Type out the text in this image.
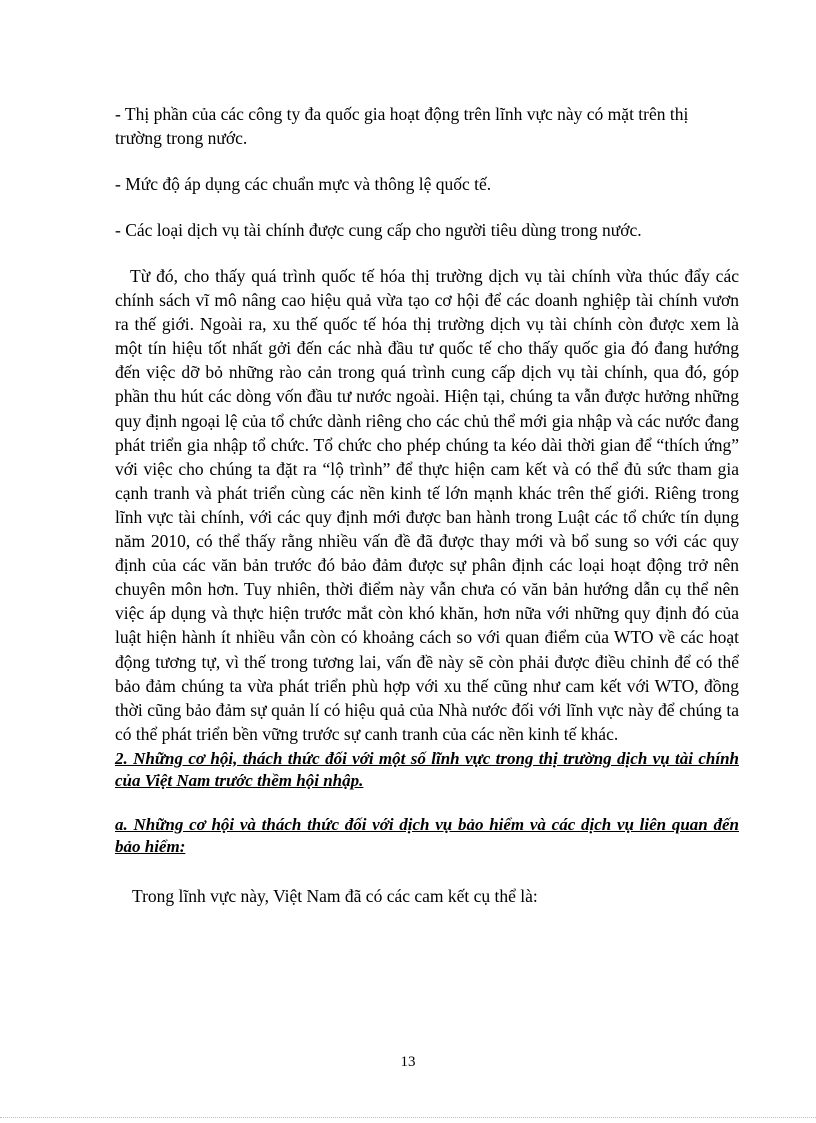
- Thị phần của các công ty đa quốc gia hoạt động trên lĩnh vực này có mặt trên thị trường trong nước.

- Mức độ áp dụng các chuẩn mực và thông lệ quốc tế.

- Các loại dịch vụ tài chính được cung cấp cho người tiêu dùng trong nước.

Từ đó, cho thấy quá trình quốc tế hóa thị trường dịch vụ tài chính vừa thúc đẩy các chính sách vĩ mô nâng cao hiệu quả vừa tạo cơ hội để các doanh nghiệp tài chính vươn ra thế giới. Ngoài ra, xu thế quốc tế hóa thị trường dịch vụ tài chính còn được xem là một tín hiệu tốt nhất gởi đến các nhà đầu tư quốc tế cho thấy quốc gia đó đang hướng đến việc dỡ bỏ những rào cản trong quá trình cung cấp dịch vụ tài chính, qua đó, góp phần thu hút các dòng vốn đầu tư nước ngoài. Hiện tại, chúng ta vẫn được hưởng những quy định ngoại lệ của tổ chức dành riêng cho các chủ thể mới gia nhập và các nước đang phát triển gia nhập tổ chức. Tổ chức cho phép chúng ta kéo dài thời gian để “thích ứng” với việc cho chúng ta đặt ra “lộ trình” để thực hiện cam kết và có thể đủ sức tham gia cạnh tranh và phát triển cùng các nền kinh tế lớn mạnh khác trên thế giới. Riêng trong lĩnh vực tài chính, với các quy định mới được ban hành trong Luật các tổ chức tín dụng năm 2010, có thể thấy rằng nhiều vấn đề đã được thay mới và bổ sung so với các quy định của các văn bản trước đó bảo đảm được sự phân định các loại hoạt động trở nên chuyên môn hơn. Tuy nhiên, thời điểm này vẫn chưa có văn bản hướng dẫn cụ thể nên việc áp dụng và thực hiện trước mắt còn khó khăn, hơn nữa với những quy định đó của luật hiện hành ít nhiều vẫn còn có khoảng cách so với quan điểm của WTO về các hoạt động tương tự, vì thế trong tương lai, vấn đề này sẽ còn phải được điều chỉnh để có thể bảo đảm chúng ta vừa phát triển phù hợp với xu thế cũng như cam kết với WTO, đồng thời cũng bảo đảm sự quản lí có hiệu quả của Nhà nước đối với lĩnh vực này để chúng ta có thể phát triển bền vững trước sự canh tranh của các nền kinh tế khác.

2. Những cơ hội, thách thức đối với một số lĩnh vực trong thị trường dịch vụ tài chính của Việt Nam trước thềm hội nhập.

a. Những cơ hội và thách thức đối với dịch vụ bảo hiểm và các dịch vụ liên quan đến bảo hiểm:

Trong lĩnh vực này, Việt Nam đã có các cam kết cụ thể là:

13
